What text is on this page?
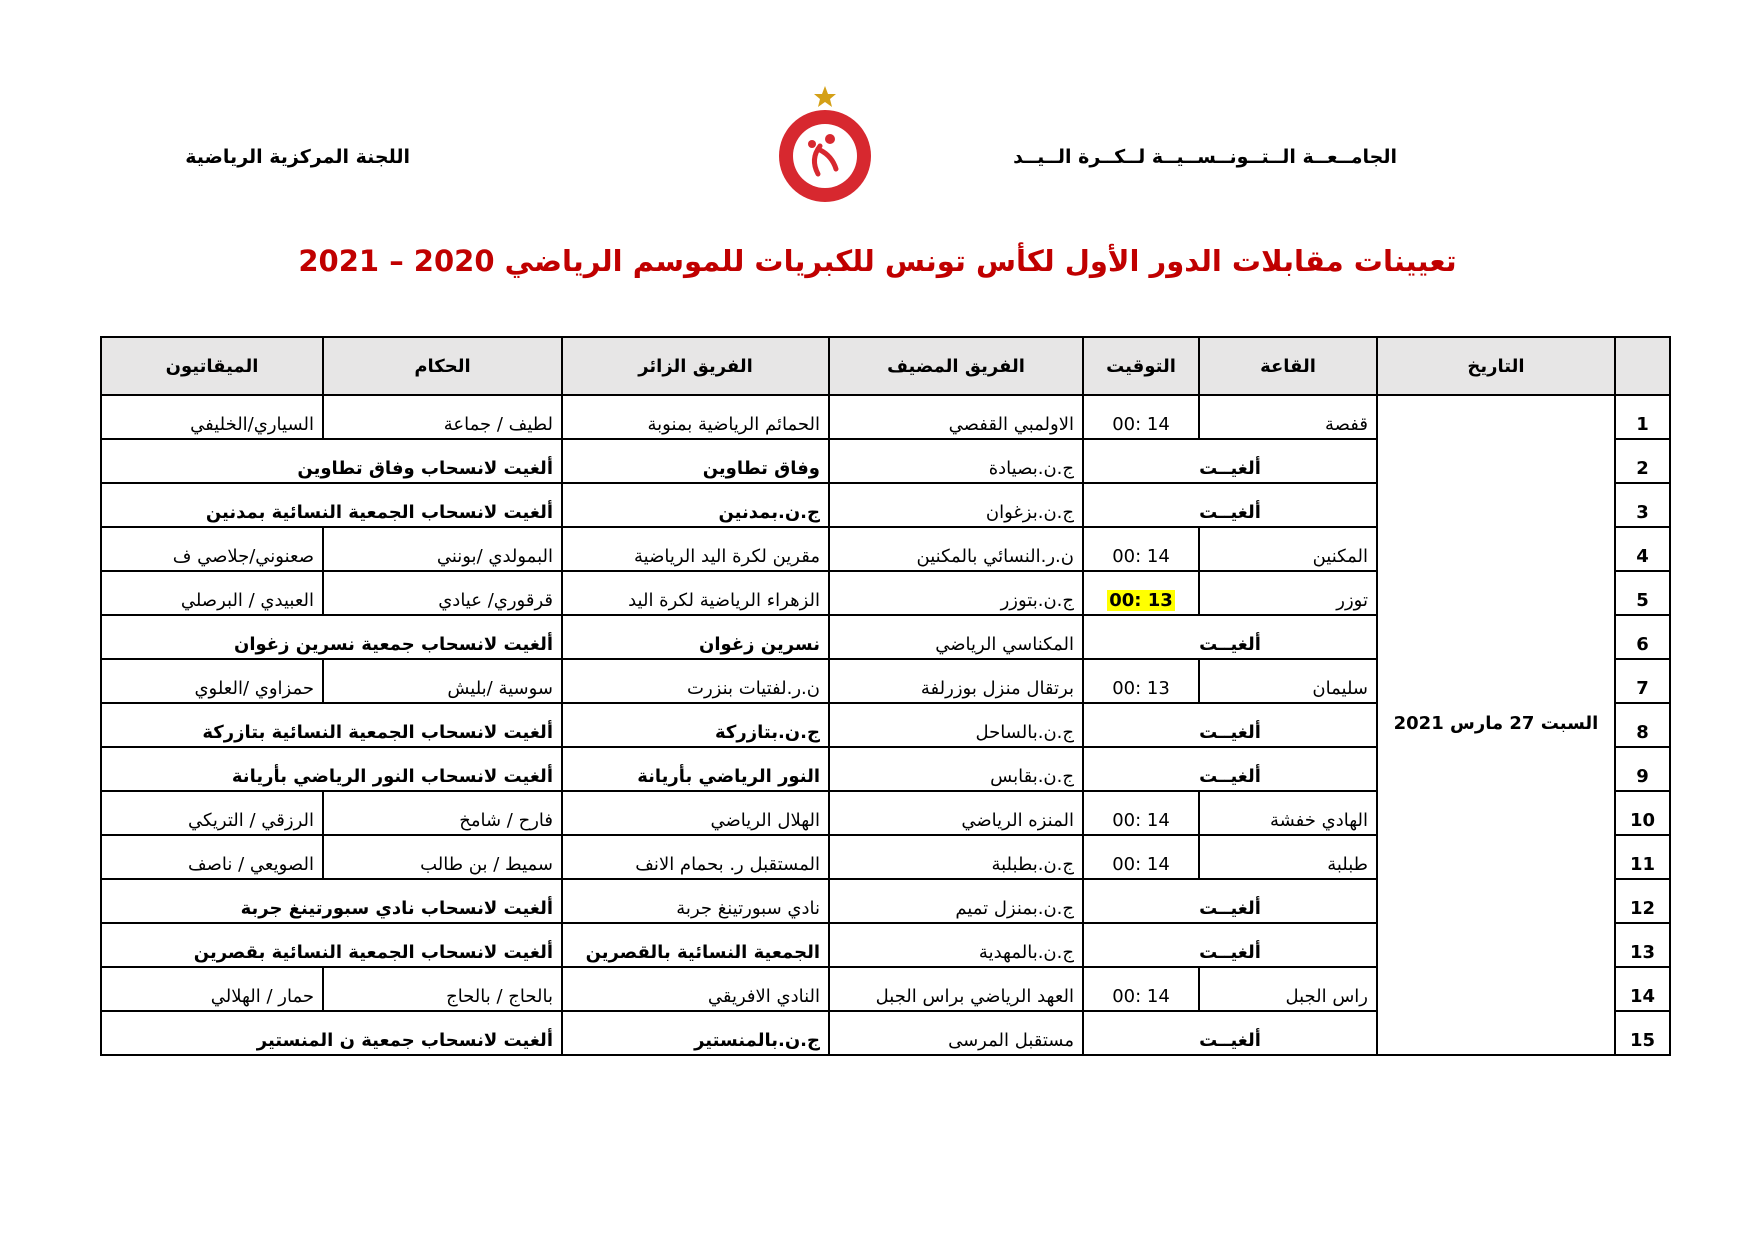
الجامــعــة الــتــونــســيــة لــكــرة الــيــد
اللجنة المركزية الرياضية
تعيينات مقابلات الدور الأول لكأس تونس للكبريات للموسم الرياضي 2020 – 2021
	التاريخ	القاعة	التوقيت	الفريق المضيف	الفريق الزائر	الحكام	الميقاتيون
1	السبت 27 مارس 2021	قفصة	14 :00	الاولمبي القفصي	الحمائم الرياضية بمنوبة	لطيف / جماعة	السياري/الخليفي
2		ألغيــت		ج.ن.بصيادة	وفاق تطاوين	ألغيت لانسحاب وفاق تطاوين	
3		ألغيــت		ج.ن.بزغوان	ج.ن.بمدنين	ألغيت لانسحاب الجمعية النسائية بمدنين	
4		المكنين	14 :00	ن.ر.النسائي بالمكنين	مقرين لكرة اليد الرياضية	البمولدي /بونني	صعنوني/جلاصي ف
5		توزر	13 :00	ج.ن.بتوزر	الزهراء الرياضية لكرة اليد	قرقوري/ عيادي	العبيدي / البرصلي
6		ألغيــت		المكناسي الرياضي	نسرين زغوان	ألغيت لانسحاب جمعية نسرين زغوان	
7		سليمان	13 :00	برتقال منزل بوزرلفة	ن.ر.لفتيات بنزرت	سوسية /بليش	حمزاوي /العلوي
8		ألغيــت		ج.ن.بالساحل	ج.ن.بتازركة	ألغيت لانسحاب الجمعية النسائية بتازركة	
9		ألغيــت		ج.ن.بقابس	النور الرياضي بأريانة	ألغيت لانسحاب النور الرياضي بأريانة	
10		الهادي خفشة	14 :00	المنزه الرياضي	الهلال الرياضي	فارح / شامخ	الرزقي / التريكي
11		طبلبة	14 :00	ج.ن.بطبلبة	المستقبل ر. بحمام الانف	سميط / بن طالب	الصويعي / ناصف
12		ألغيــت		ج.ن.بمنزل تميم	نادي سبورتينغ جربة	ألغيت لانسحاب نادي سبورتينغ جربة	
13		ألغيــت		ج.ن.بالمهدية	الجمعية النسائية بالقصرين	ألغيت لانسحاب الجمعية النسائية بقصرين	
14		راس الجبل	14 :00	العهد الرياضي براس الجبل	النادي الافريقي	بالحاج / بالحاج	حمار / الهلالي
15		ألغيــت		مستقبل المرسى	ج.ن.بالمنستير	ألغيت لانسحاب جمعية ن المنستير	
